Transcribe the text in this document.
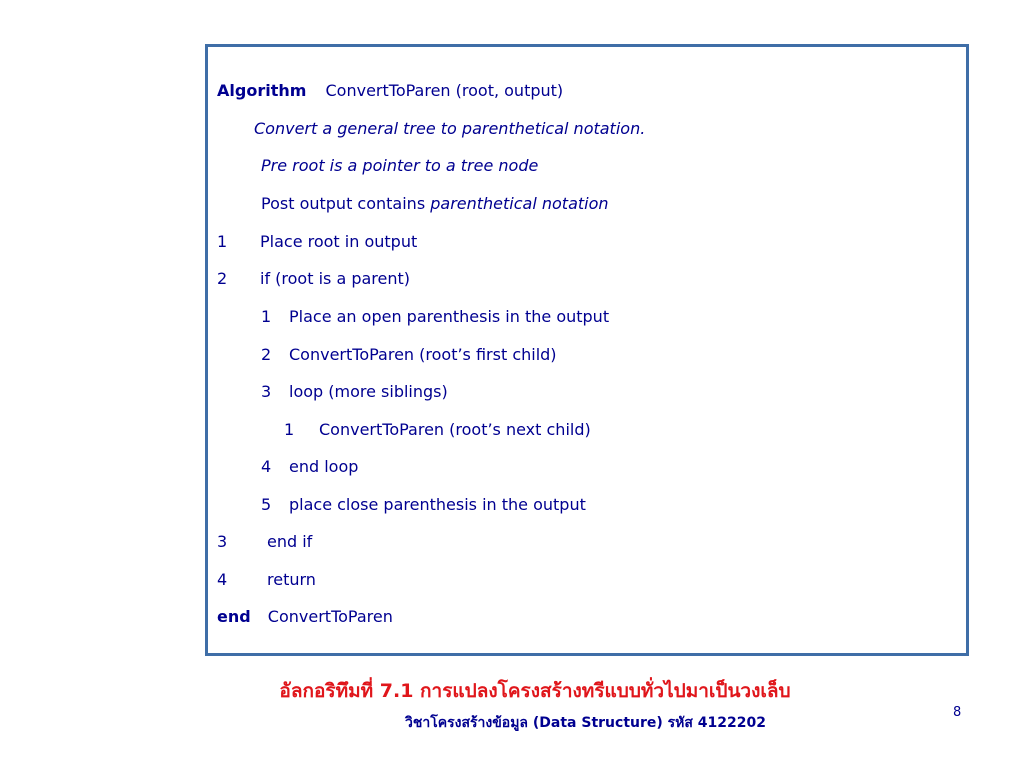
Algorithm ConvertToParen (root, output)
Convert a general tree to parenthetical notation.
Pre root is a pointer to a tree node
Post output contains parenthetical notation
1 Place root in output
2 if (root is a parent)
1 Place an open parenthesis in the output
2 ConvertToParen (root’s first child)
3 loop (more siblings)
1 ConvertToParen (root’s next child)
4 end loop
5 place close parenthesis in the output
3 end if
4 return
end ConvertToParen
อัลกอริทึมที่ 7.1 การแปลงโครงสร้างทรีแบบทั่วไปมาเป็นวงเล็บ
วิชาโครงสร้างข้อมูล (Data Structure) รหัส 4122202
8
